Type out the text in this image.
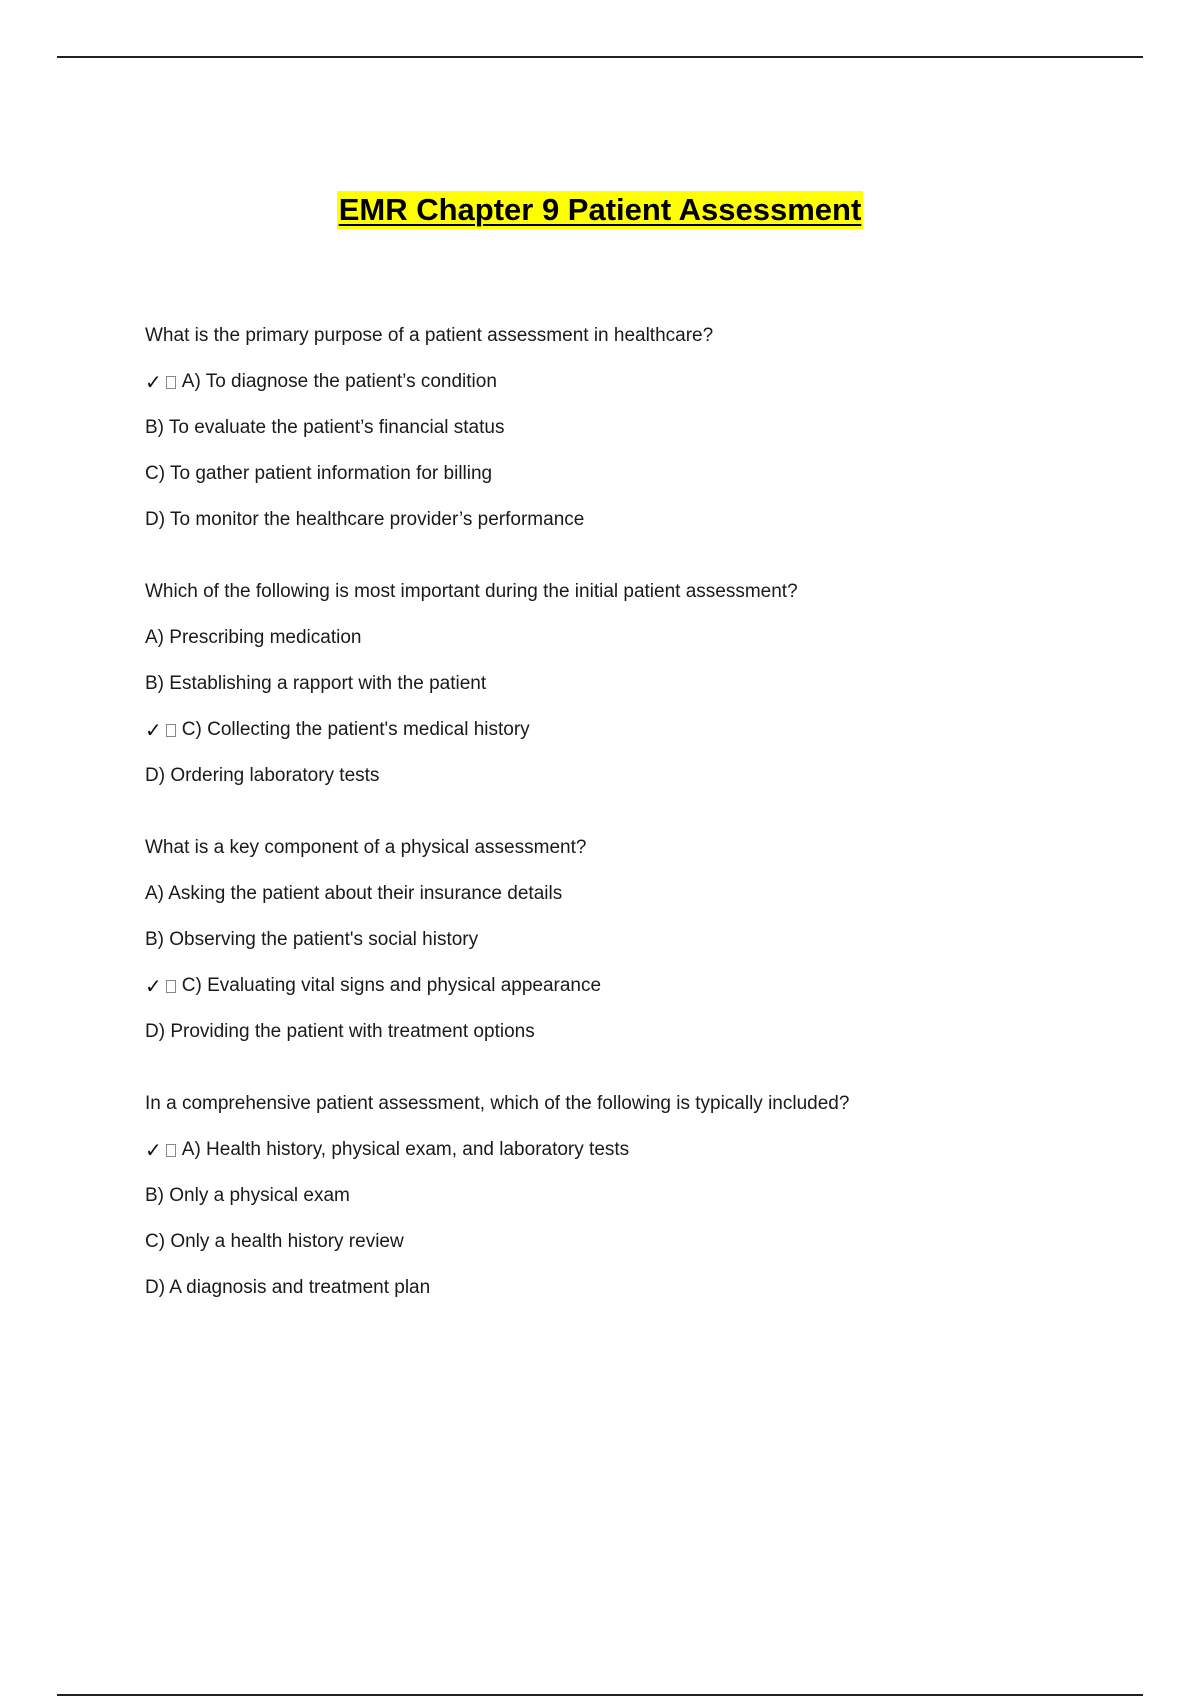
EMR Chapter 9 Patient Assessment
What is the primary purpose of a patient assessment in healthcare?
✓ A) To diagnose the patient’s condition
B) To evaluate the patient’s financial status
C) To gather patient information for billing
D) To monitor the healthcare provider’s performance
Which of the following is most important during the initial patient assessment?
A) Prescribing medication
B) Establishing a rapport with the patient
✓ C) Collecting the patient's medical history
D) Ordering laboratory tests
What is a key component of a physical assessment?
A) Asking the patient about their insurance details
B) Observing the patient's social history
✓ C) Evaluating vital signs and physical appearance
D) Providing the patient with treatment options
In a comprehensive patient assessment, which of the following is typically included?
✓ A) Health history, physical exam, and laboratory tests
B) Only a physical exam
C) Only a health history review
D) A diagnosis and treatment plan
